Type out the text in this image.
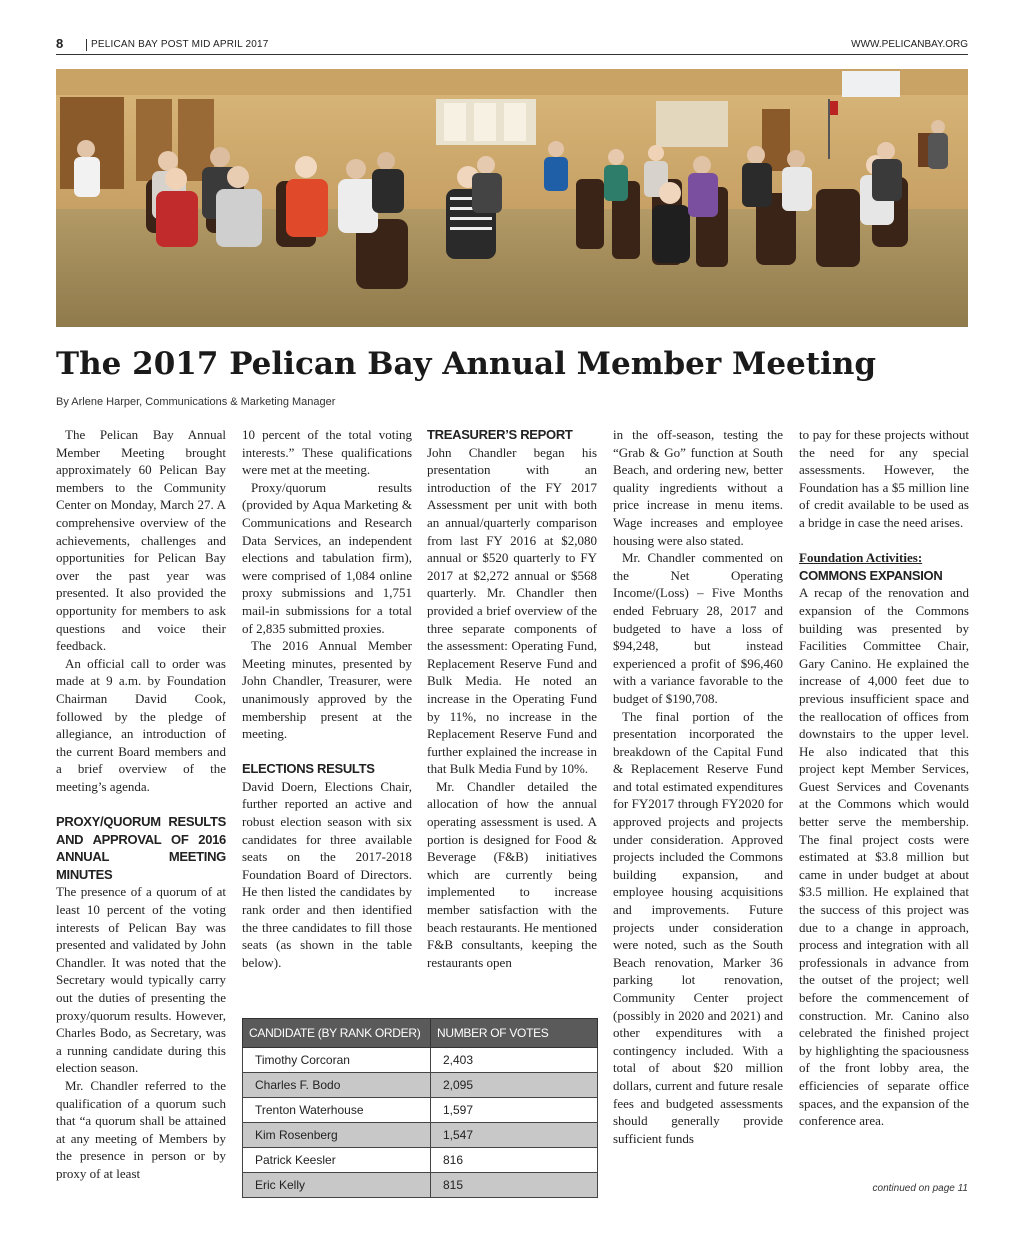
8	PELICAN BAY POST MID APRIL 2017	WWW.PELICANBAY.ORG
The 2017 Pelican Bay Annual Member Meeting
By Arlene Harper, Communications & Marketing Manager

The Pelican Bay Annual Member Meeting brought approximately 60 Pelican Bay members to the Community Center on Monday, March 27. A comprehensive overview of the achievements, challenges and opportunities for Pelican Bay over the past year was presented. It also provided the opportunity for members to ask questions and voice their feedback.

An official call to order was made at 9 a.m. by Foundation Chairman David Cook, followed by the pledge of allegiance, an introduction of the current Board members and a brief overview of the meeting’s agenda.

PROXY/QUORUM RESULTS AND APPROVAL OF 2016 ANNUAL MEETING MINUTES

The presence of a quorum of at least 10 percent of the voting interests of Pelican Bay was presented and validated by John Chandler. It was noted that the Secretary would typically carry out the duties of presenting the proxy/quorum results. However, Charles Bodo, as Secretary, was a running candidate during this election season.

Mr. Chandler referred to the qualification of a quorum such that “a quorum shall be attained at any meeting of Members by the presence in person or by proxy of at least

10 percent of the total voting interests.” These qualifications were met at the meeting.

Proxy/quorum results (provided by Aqua Marketing & Communications and Research Data Services, an independent elections and tabulation firm), were comprised of 1,084 online proxy submissions and 1,751 mail-in submissions for a total of 2,835 submitted proxies.

The 2016 Annual Member Meeting minutes, presented by John Chandler, Treasurer, were unanimously approved by the membership present at the meeting.

ELECTIONS RESULTS

David Doern, Elections Chair, further reported an active and robust election season with six candidates for three available seats on the 2017-2018 Foundation Board of Directors. He then listed the candidates by rank order and then identified the three candidates to fill those seats (as shown in the table below).

TREASURER’S REPORT

John Chandler began his presentation with an introduction of the FY 2017 Assessment per unit with both an annual/quarterly comparison from last FY 2016 at $2,080 annual or $520 quarterly to FY 2017 at $2,272 annual or $568 quarterly. Mr. Chandler then provided a brief overview of the three separate components of the assessment: Operating Fund, Replacement Reserve Fund and Bulk Media. He noted an increase in the Operating Fund by 11%, no increase in the Replacement Reserve Fund and further explained the increase in that Bulk Media Fund by 10%.

Mr. Chandler detailed the allocation of how the annual operating assessment is used. A portion is designed for Food & Beverage (F&B) initiatives which are currently being implemented to increase member satisfaction with the beach restaurants. He mentioned F&B consultants, keeping the restaurants open

in the off-season, testing the “Grab & Go” function at South Beach, and ordering new, better quality ingredients without a price increase in menu items. Wage increases and employee housing were also stated.

Mr. Chandler commented on the Net Operating Income/(Loss) – Five Months ended February 28, 2017 and budgeted to have a loss of $94,248, but instead experienced a profit of $96,460 with a variance favorable to the budget of $190,708.

The final portion of the presentation incorporated the breakdown of the Capital Fund & Replacement Reserve Fund and total estimated expenditures for FY2017 through FY2020 for approved projects and projects under consideration. Approved projects included the Commons building expansion, and employee housing acquisitions and improvements. Future projects under consideration were noted, such as the South Beach renovation, Marker 36 parking lot renovation, Community Center project (possibly in 2020 and 2021) and other expenditures with a contingency included. With a total of about $20 million dollars, current and future resale fees and budgeted assessments should generally provide sufficient funds

to pay for these projects without the need for any special assessments. However, the Foundation has a $5 million line of credit available to be used as a bridge in case the need arises.

Foundation Activities:
COMMONS EXPANSION

A recap of the renovation and expansion of the Commons building was presented by Facilities Committee Chair, Gary Canino. He explained the increase of 4,000 feet due to previous insufficient space and the reallocation of offices from downstairs to the upper level. He also indicated that this project kept Member Services, Guest Services and Covenants at the Commons which would better serve the membership. The final project costs were estimated at $3.8 million but came in under budget at about $3.5 million. He explained that the success of this project was due to a change in approach, process and integration with all professionals in advance from the outset of the project; well before the commencement of construction. Mr. Canino also celebrated the finished project by highlighting the spaciousness of the front lobby area, the efficiencies of separate office spaces, and the expansion of the conference area.

continued on page 11
CANDIDATE (BY RANK ORDER)	NUMBER OF VOTES
Timothy Corcoran	2,403
Charles F. Bodo	2,095
Trenton Waterhouse	1,597
Kim Rosenberg	1,547
Patrick Keesler	816
Eric Kelly	815
